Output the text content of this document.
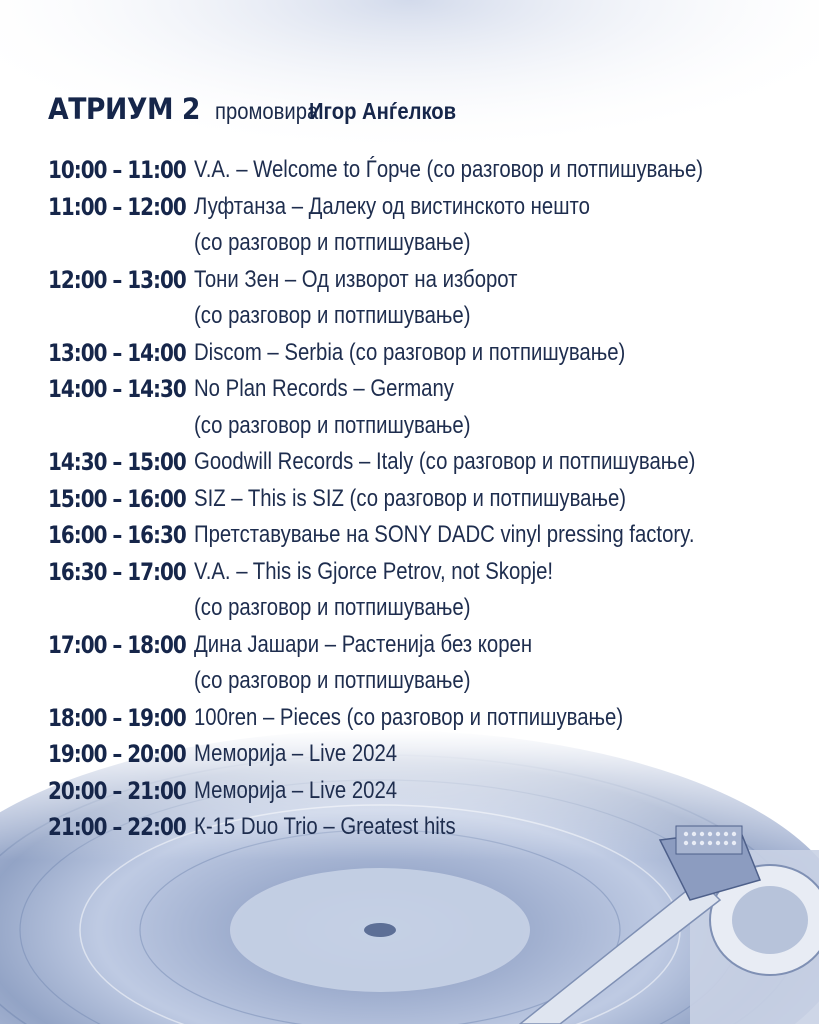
АТРИУМ 2 промовира:
Игор Анѓелков
10:00 – 11:00 V.A. – Welcome to Ѓорче (со разговор и потпишување)
11:00 – 12:00 Луфтанза – Далеку од вистинското нешто
(со разговор и потпишување)
12:00 – 13:00 Тони Зен – Од изворот на изборот
(со разговор и потпишување)
13:00 – 14:00 Discom – Serbia (со разговор и потпишување)
14:00 – 14:30 No Plan Records – Germany
(со разговор и потпишување)
14:30 – 15:00 Goodwill Records – Italy (со разговор и потпишување)
15:00 – 16:00 SIZ – This is SIZ (со разговор и потпишување)
16:00 – 16:30 Претставување на SONY DADC vinyl pressing factory.
16:30 – 17:00 V.A. – This is Gjorce Petrov, not Skopje!
(со разговор и потпишување)
17:00 – 18:00 Дина Јашари – Растенија без корен
(со разговор и потпишување)
18:00 – 19:00 100ren – Pieces (со разговор и потпишување)
19:00 – 20:00 Меморија – Live 2024
20:00 – 21:00 Меморија – Live 2024
21:00 – 22:00 К-15 Duo Trio – Greatest hits
